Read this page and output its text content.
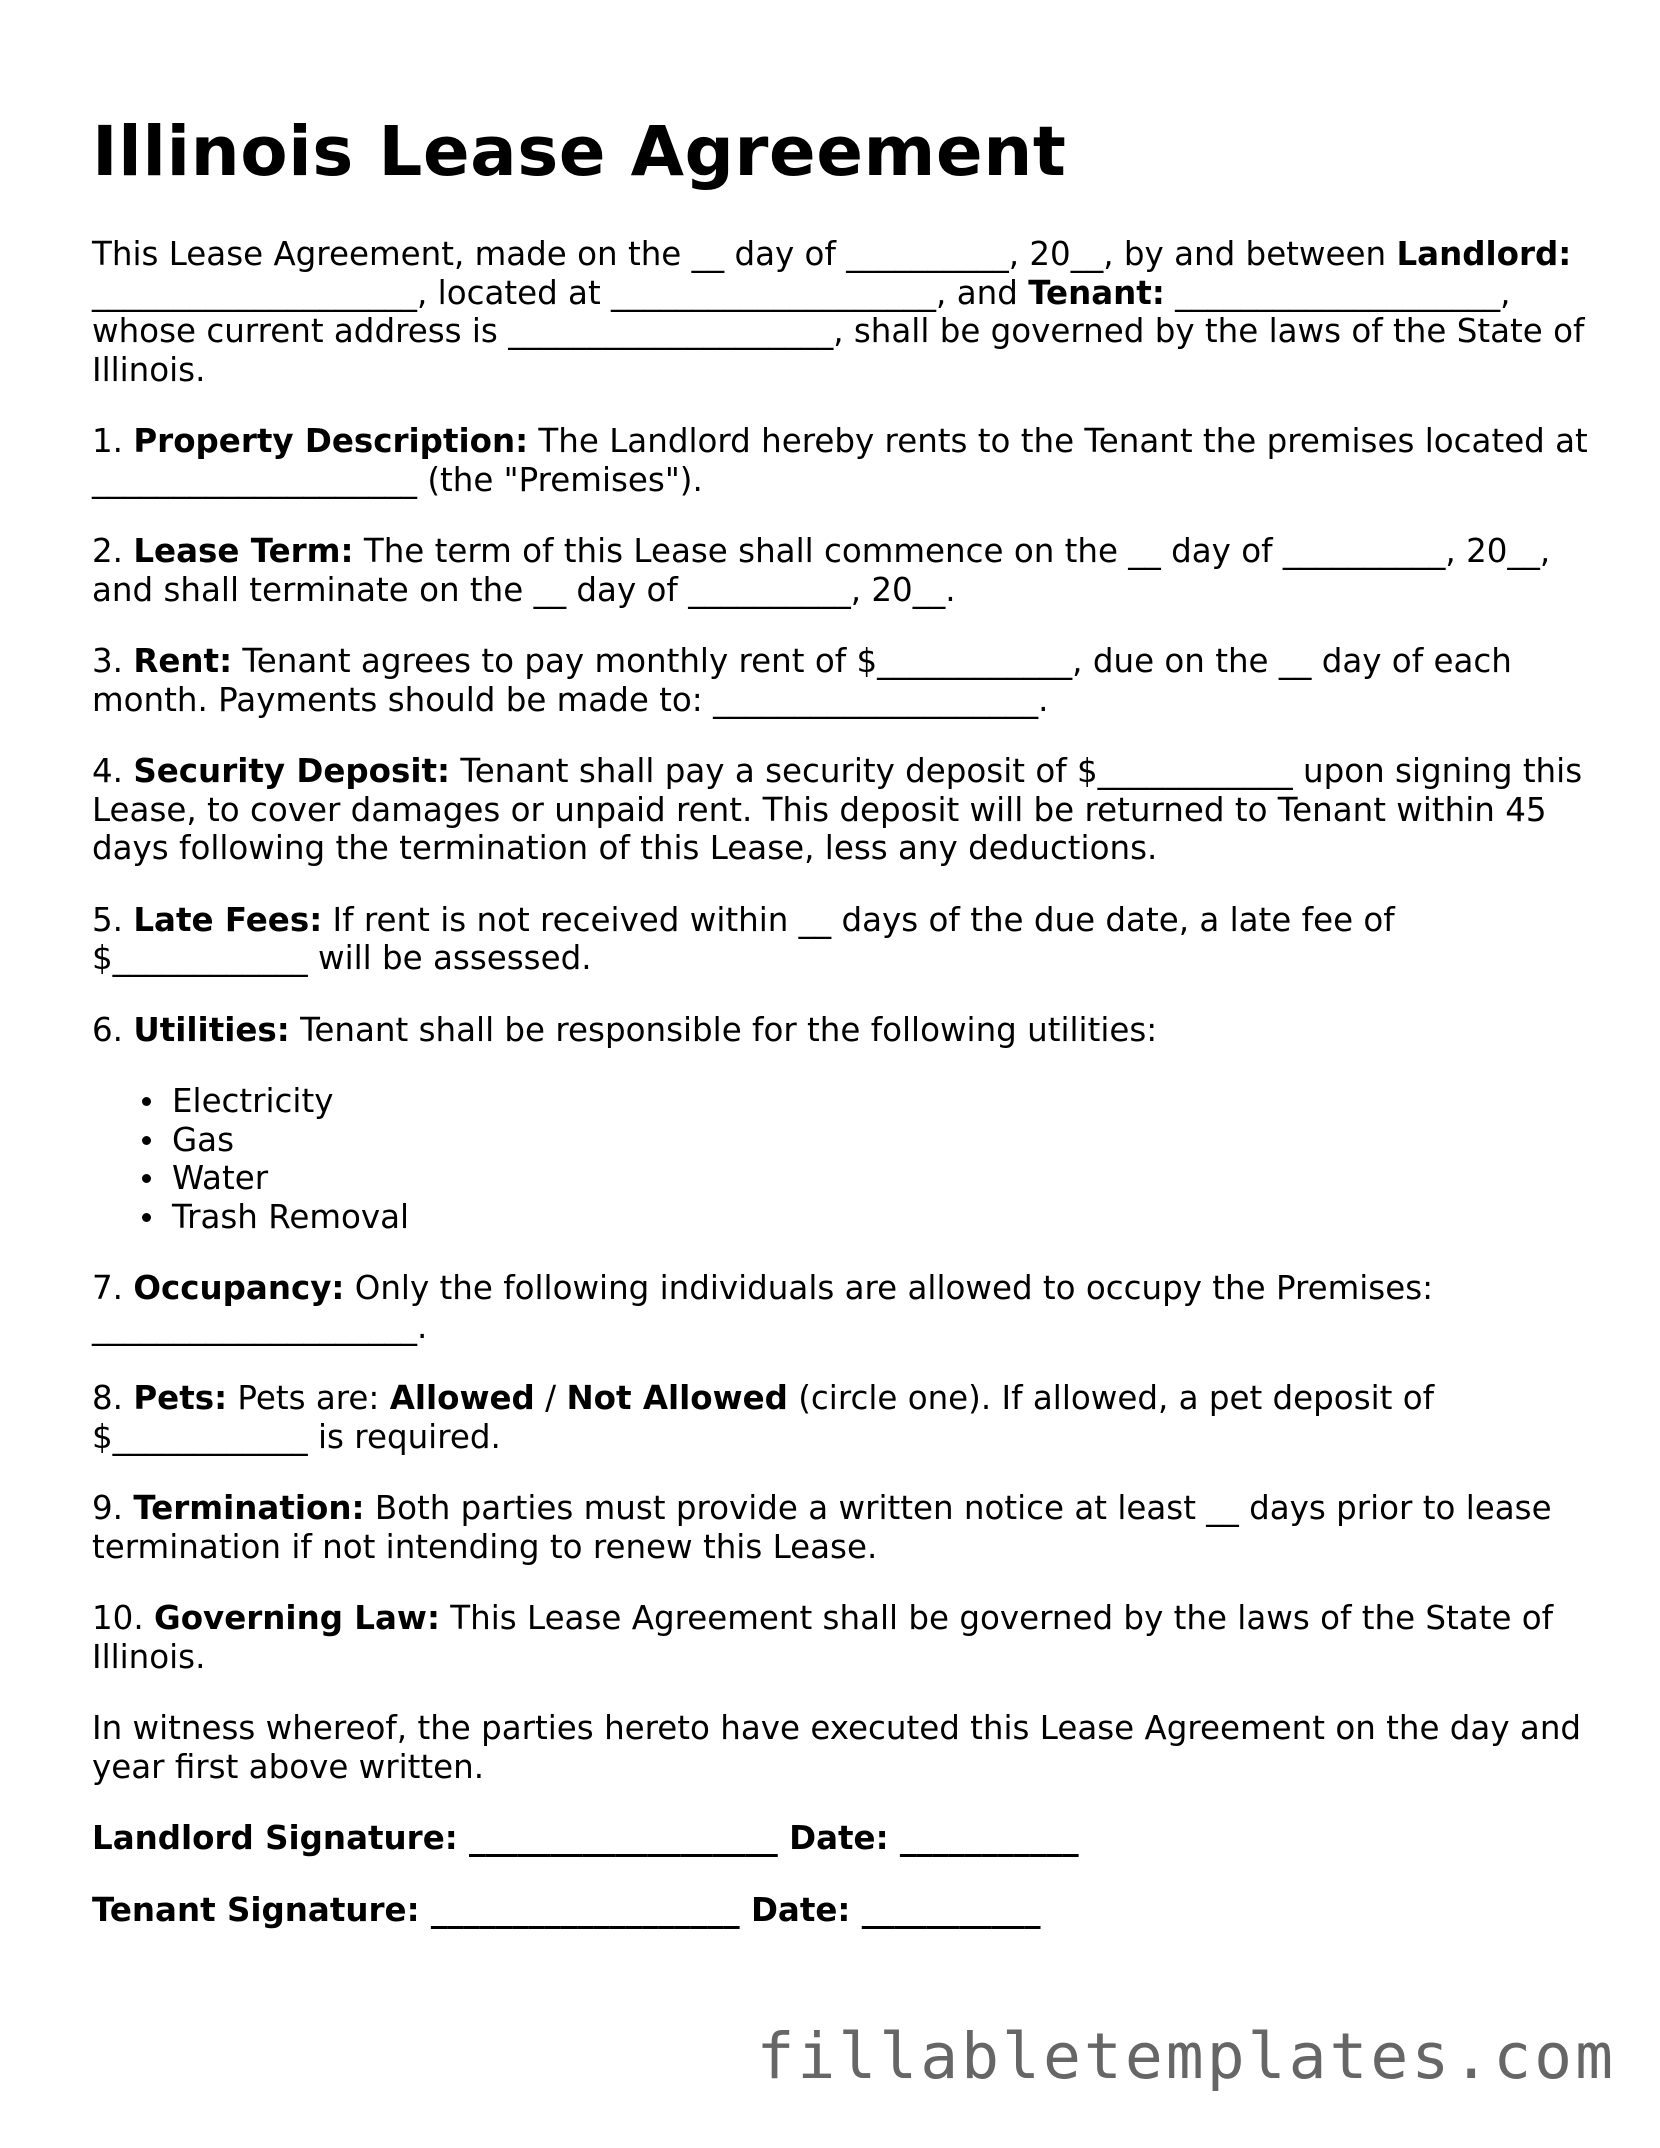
Illinois Lease Agreement

This Lease Agreement, made on the __ day of __________, 20__, by and between Landlord: ____________________, located at ____________________, and Tenant: ____________________, whose current address is ____________________, shall be governed by the laws of the State of Illinois.

1. Property Description: The Landlord hereby rents to the Tenant the premises located at ____________________ (the "Premises").

2. Lease Term: The term of this Lease shall commence on the __ day of __________, 20__, and shall terminate on the __ day of __________, 20__.

3. Rent: Tenant agrees to pay monthly rent of $____________, due on the __ day of each month. Payments should be made to: ____________________.

4. Security Deposit: Tenant shall pay a security deposit of $____________ upon signing this Lease, to cover damages or unpaid rent. This deposit will be returned to Tenant within 45 days following the termination of this Lease, less any deductions.

5. Late Fees: If rent is not received within __ days of the due date, a late fee of $____________ will be assessed.

6. Utilities: Tenant shall be responsible for the following utilities:

Electricity
Gas
Water
Trash Removal

7. Occupancy: Only the following individuals are allowed to occupy the Premises: ____________________.

8. Pets: Pets are: Allowed / Not Allowed (circle one). If allowed, a pet deposit of $____________ is required.

9. Termination: Both parties must provide a written notice at least __ days prior to lease termination if not intending to renew this Lease.

10. Governing Law: This Lease Agreement shall be governed by the laws of the State of Illinois.

In witness whereof, the parties hereto have executed this Lease Agreement on the day and year first above written.

Landlord Signature: ___________________ Date: ___________
Tenant Signature: ___________________ Date: ___________
fillabletemplates.com
